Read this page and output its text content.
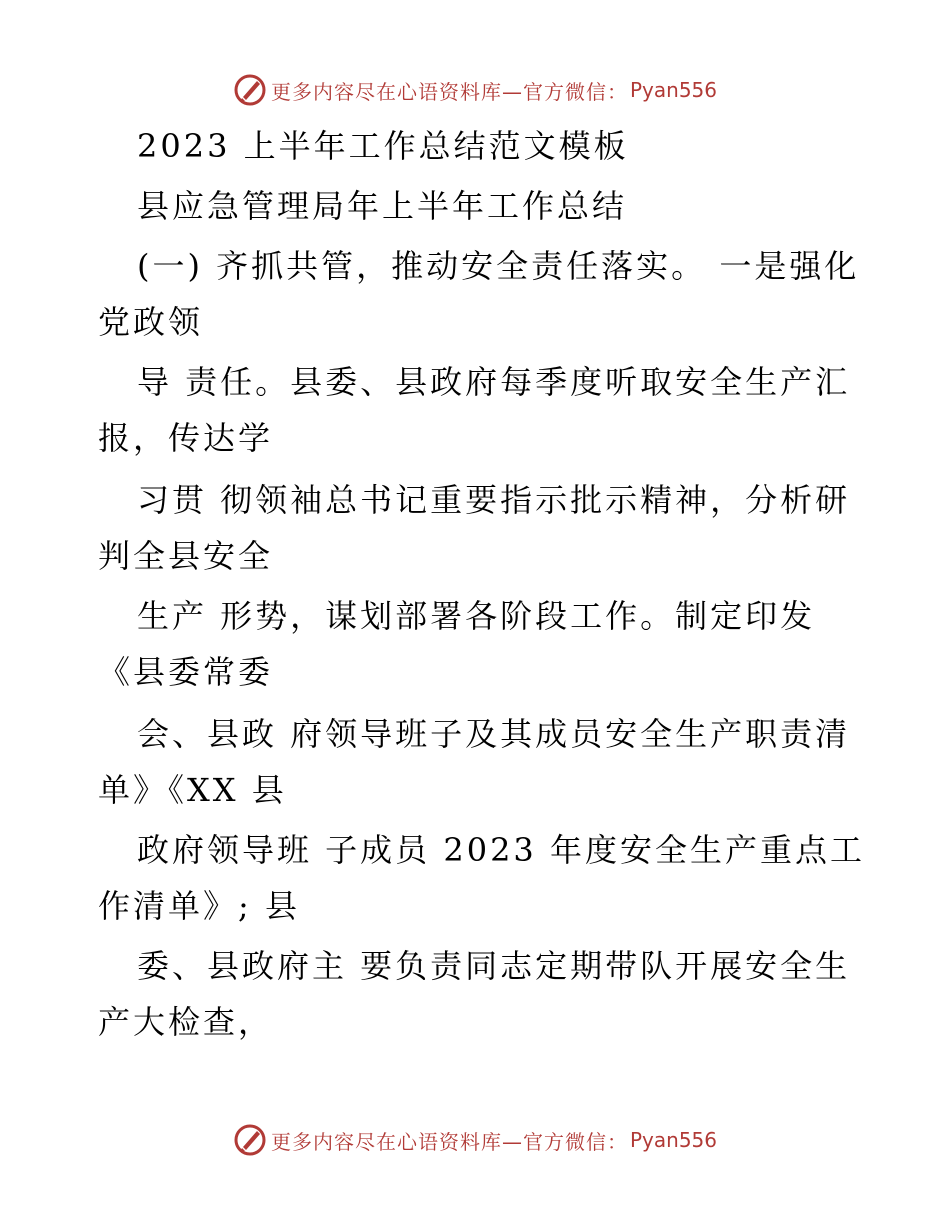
更多内容尽在心语资料库—官方微信： Pyan556
2023 上半年工作总结范文模板
县应急管理局年上半年工作总结
(一) 齐抓共管，推动安全责任落实。 一是强化
党政领
导 责任。县委、县政府每季度听取安全生产汇
报，传达学
习贯 彻领袖总书记重要指示批示精神，分析研
判全县安全
生产 形势，谋划部署各阶段工作。制定印发
《县委常委
会、县政 府领导班子及其成员安全生产职责清
单》《XX 县
政府领导班 子成员 2023 年度安全生产重点工
作清单》; 县
委、县政府主 要负责同志定期带队开展安全生
产大检查，
更多内容尽在心语资料库—官方微信： Pyan556
